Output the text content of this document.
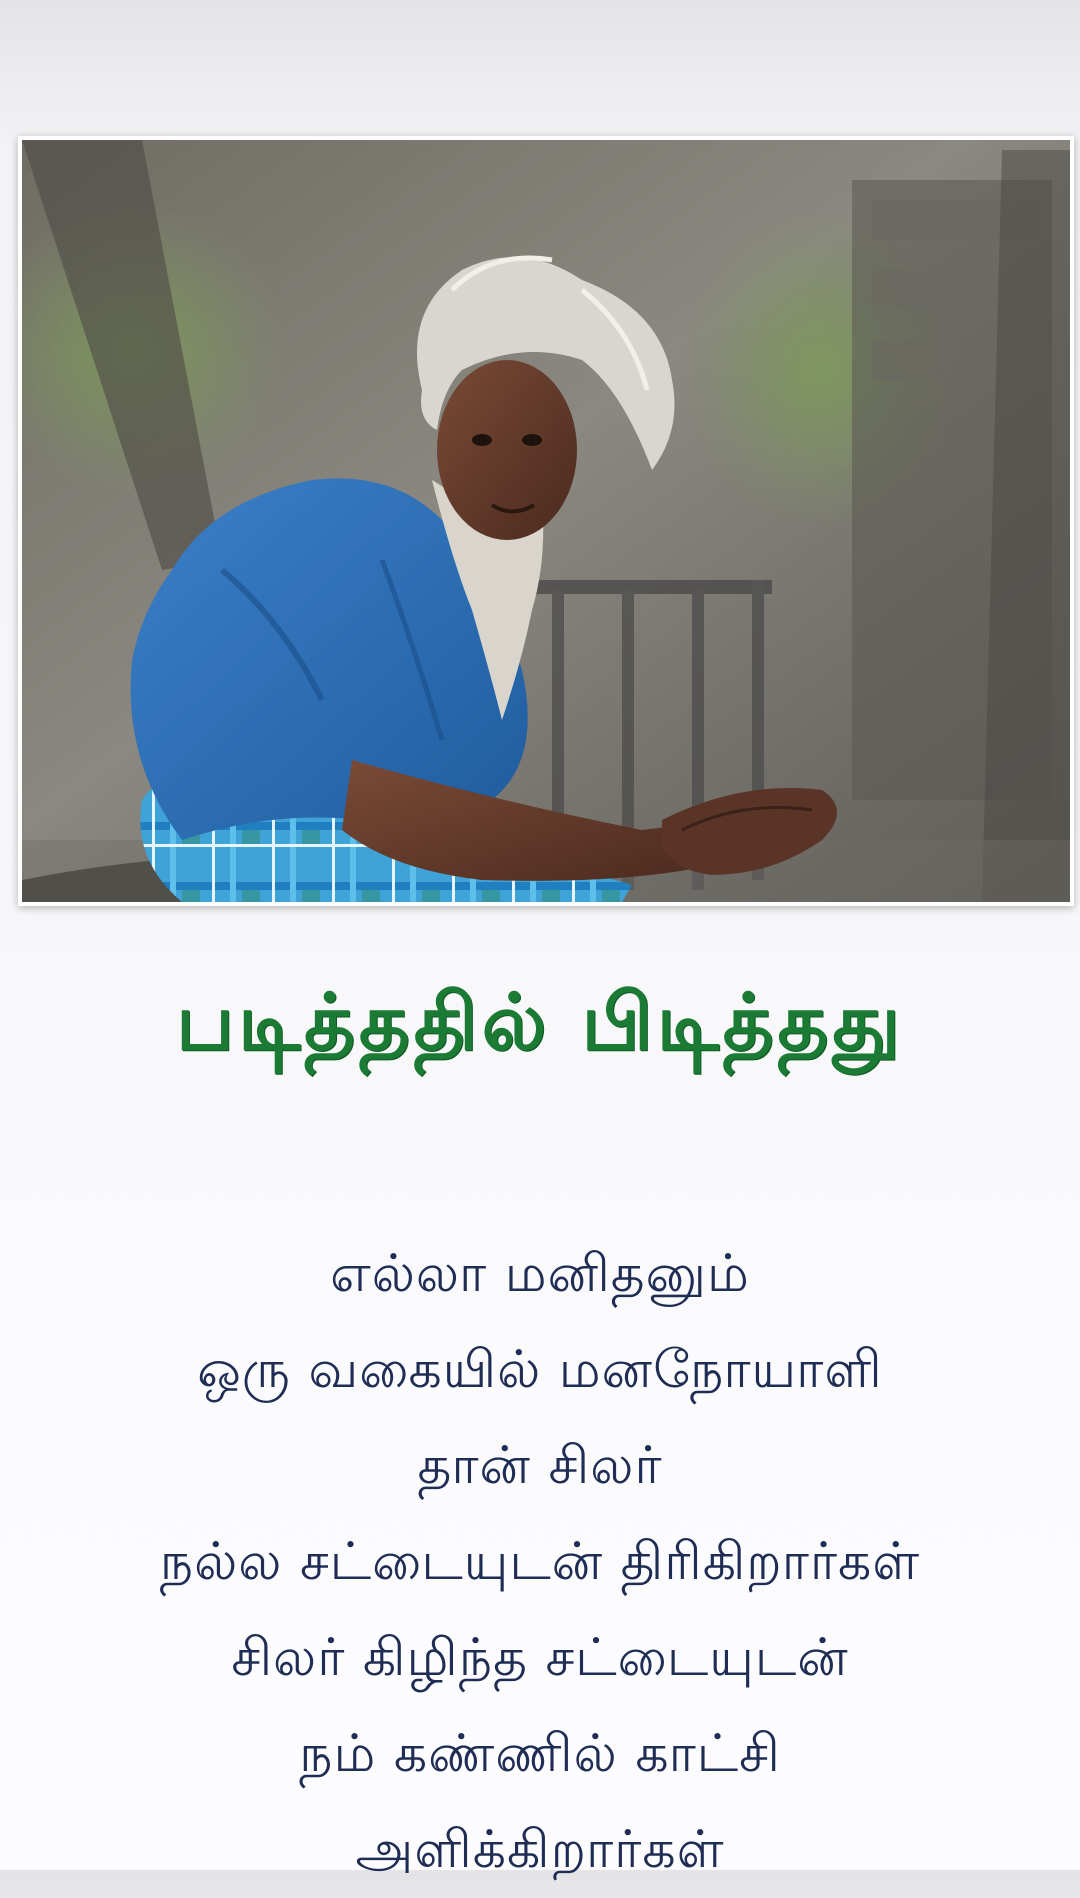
படித்ததில் பிடித்தது
எல்லா மனிதனும்
ஒரு வகையில் மனநோயாளி
தான் சிலர்
நல்ல சட்டையுடன் திரிகிறார்கள்
சிலர் கிழிந்த சட்டையுடன்
நம் கண்ணில் காட்சி
அளிக்கிறார்கள்
